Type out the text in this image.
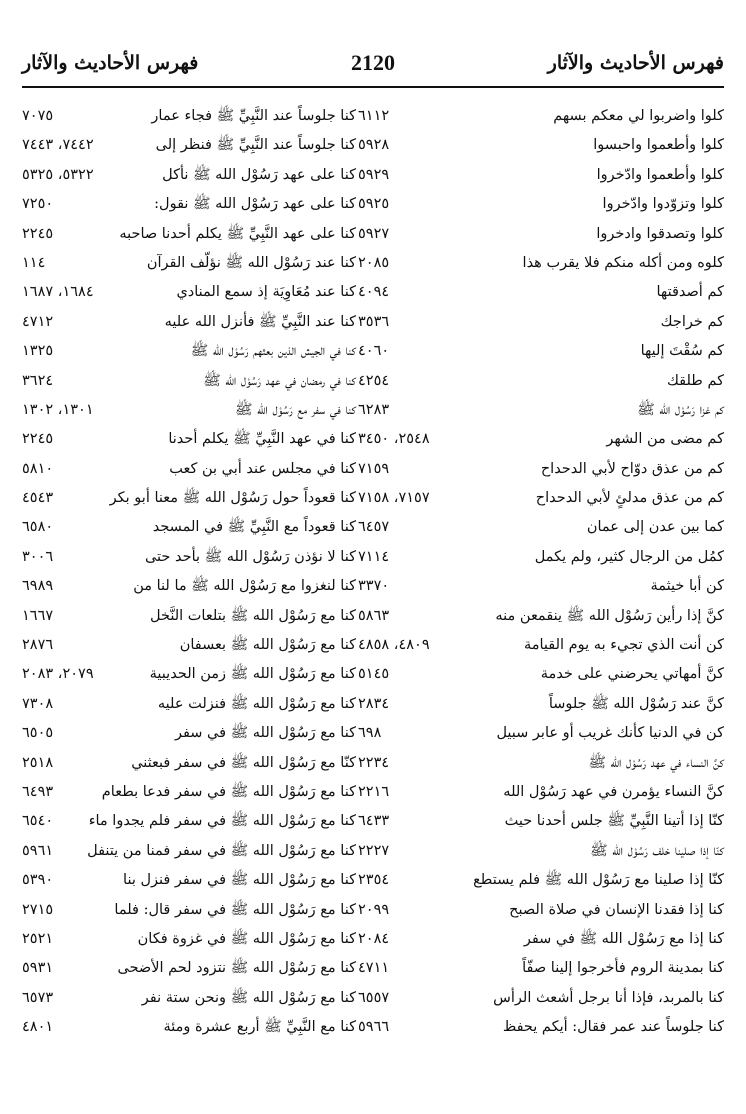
فهرس الأحاديث والآثار
2120
فهرس الأحاديث والآثار
كلوا واضربوا لي معكم بسهم
٦١١٢
كنا جلوساً عند النَّبِيِّ ﷺ فجاء عمار
٧٠٧٥
كلوا وأطعموا واحبسوا
٥٩٢٨
كنا جلوساً عند النَّبِيِّ ﷺ فنظر إلى
٧٤٤٢، ٧٤٤٣
كلوا وأطعموا وادّخروا
٥٩٢٩
كنا على عهد رَسُوْل الله ﷺ نأكل
٥٣٢٢، ٥٣٢٥
كلوا وتزوّدوا وادّخروا
٥٩٢٥
كنا على عهد رَسُوْل الله ﷺ نقول:
٧٢٥٠
كلوا وتصدقوا وادخروا
٥٩٢٧
كنا على عهد النَّبِيِّ ﷺ يكلم أحدنا صاحبه
٢٢٤٥
كلوه ومن أكله منكم فلا يقرب هذا
٢٠٨٥
كنا عند رَسُوْل الله ﷺ نؤلّف القرآن
١١٤
كم أصدقتها
٤٠٩٤
كنا عند مُعَاوِيَة إذ سمع المنادي
١٦٨٤، ١٦٨٧
كم خراجك
٣٥٣٦
كنا عند النَّبِيِّ ﷺ فأنزل الله عليه
٤٧١٢
كم سُقْتَ إليها
٤٠٦٠
كنا في الجيش الذين بعثهم رَسُوْل الله ﷺ
١٣٢٥
كم طلقك
٤٢٥٤
كنا في رمضان في عهد رَسُوْل الله ﷺ
٣٦٢٤
كم غزا رَسُوْل الله ﷺ
٦٢٨٣
كنا في سفر مع رَسُوْل الله ﷺ
١٣٠١، ١٣٠٢
كم مضى من الشهر
٢٥٤٨، ٣٤٥٠
كنا في عهد النَّبِيِّ ﷺ يكلم أحدنا
٢٢٤٥
كم من عذق دوّاح لأبي الدحداح
٧١٥٩
كنا في مجلس عند أبي بن كعب
٥٨١٠
كم من عذق مدلئٍ لأبي الدحداح
٧١٥٧، ٧١٥٨
كنا قعوداً حول رَسُوْل الله ﷺ معنا أبو بكر
٤٥٤٣
كما بين عدن إلى عمان
٦٤٥٧
كنا قعوداً مع النَّبِيِّ ﷺ في المسجد
٦٥٨٠
كمُل من الرجال كثير، ولم يكمل
٧١١٤
كنا لا نؤذن رَسُوْل الله ﷺ بأحد حتى
٣٠٠٦
كن أبا خيثمة
٣٣٧٠
كنا لنغزوا مع رَسُوْل الله ﷺ ما لنا من
٦٩٨٩
كنَّ إذا رأين رَسُوْل الله ﷺ ينقمعن منه
٥٨٦٣
كنا مع رَسُوْل الله ﷺ بتلعات النَّخل
١٦٦٧
كن أنت الذي تجيء به يوم القيامة
٤٨٠٩، ٤٨٥٨
كنا مع رَسُوْل الله ﷺ بعسفان
٢٨٧٦
كنَّ أمهاتي يحرضني على خدمة
٥١٤٥
كنا مع رَسُوْل الله ﷺ زمن الحديبية
٢٠٧٩، ٢٠٨٣
كنَّ عند رَسُوْل الله ﷺ جلوساً
٢٨٣٤
كنا مع رَسُوْل الله ﷺ فنزلت عليه
٧٣٠٨
كن في الدنيا كأنك غريب أو عابر سبيل
٦٩٨
كنا مع رَسُوْل الله ﷺ في سفر
٦٥٠٥
كنَّ النساء في عهد رَسُوْل الله ﷺ
٢٢٣٤
كنّا مع رَسُوْل الله ﷺ في سفر فبعثني
٢٥١٨
كنَّ النساء يؤمرن في عهد رَسُوْل الله
٢٢١٦
كنا مع رَسُوْل الله ﷺ في سفر فدعا بطعام
٦٤٩٣
كنّا إذا أتينا النَّبِيِّ ﷺ جلس أحدنا حيث
٦٤٣٣
كنا مع رَسُوْل الله ﷺ في سفر فلم يجدوا ماء
٦٥٤٠
كنّا إذا صلينا خلف رَسُوْل الله ﷺ
٢٢٢٧
كنا مع رَسُوْل الله ﷺ في سفر فمنا من يتنفل
٥٩٦١
كنّا إذا صلينا مع رَسُوْل الله ﷺ فلم يستطع
٢٣٥٤
كنا مع رَسُوْل الله ﷺ في سفر فنزل بنا
٥٣٩٠
كنا إذا فقدنا الإنسان في صلاة الصبح
٢٠٩٩
كنا مع رَسُوْل الله ﷺ في سفر قال: فلما
٢٧١٥
كنا إذا مع رَسُوْل الله ﷺ في سفر
٢٠٨٤
كنا مع رَسُوْل الله ﷺ في غزوة فكان
٢٥٢١
كنا بمدينة الروم فأخرجوا إلينا صفّاً
٤٧١١
كنا مع رَسُوْل الله ﷺ نتزود لحم الأضحى
٥٩٣١
كنا بالمربد، فإذا أنا برجل أشعث الرأس
٦٥٥٧
كنا مع رَسُوْل الله ﷺ ونحن ستة نفر
٦٥٧٣
كنا جلوساً عند عمر فقال: أيكم يحفظ
٥٩٦٦
كنا مع النَّبِيِّ ﷺ أربع عشرة ومئة
٤٨٠١
